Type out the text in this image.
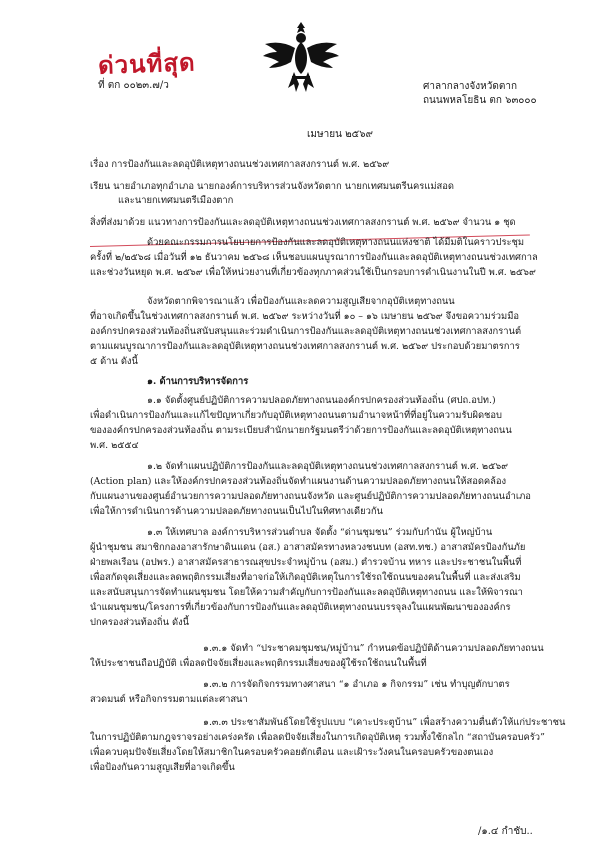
ด่วนที่สุด
ที่ ตก ๐๐๒๓.๗/ว	ศาลากลางจังหวัดตาก
ถนนพหลโยธิน ตก ๖๓๐๐๐
เมษายน ๒๕๖๙
เรื่อง การป้องกันและลดอุบัติเหตุทางถนนช่วงเทศกาลสงกรานต์ พ.ศ. ๒๕๖๙
เรียน นายอำเภอทุกอำเภอ นายกองค์การบริหารส่วนจังหวัดตาก นายกเทศมนตรีนครแม่สอด
และนายกเทศมนตรีเมืองตาก
สิ่งที่ส่งมาด้วย แนวทางการป้องกันและลดอุบัติเหตุทางถนนช่วงเทศกาลสงกรานต์ พ.ศ. ๒๕๖๙ จำนวน ๑ ชุด
ด้วยคณะกรรมการนโยบายการป้องกันและลดอุบัติเหตุทางถนนแห่งชาติ ได้มีมติในคราวประชุม
ครั้งที่ ๒/๒๕๖๘ เมื่อวันที่ ๑๒ ธันวาคม ๒๕๖๘ เห็นชอบแผนบูรณาการป้องกันและลดอุบัติเหตุทางถนนช่วงเทศกาล
และช่วงวันหยุด พ.ศ. ๒๕๖๙ เพื่อให้หน่วยงานที่เกี่ยวข้องทุกภาคส่วนใช้เป็นกรอบการดำเนินงานในปี พ.ศ. ๒๕๖๙
จังหวัดตากพิจารณาแล้ว เพื่อป้องกันและลดความสูญเสียจากอุบัติเหตุทางถนน
ที่อาจเกิดขึ้นในช่วงเทศกาลสงกรานต์ พ.ศ. ๒๕๖๙ ระหว่างวันที่ ๑๐ – ๑๖ เมษายน ๒๕๖๙ จึงขอความร่วมมือ
องค์กรปกครองส่วนท้องถิ่นสนับสนุนและร่วมดำเนินการป้องกันและลดอุบัติเหตุทางถนนช่วงเทศกาลสงกรานต์
ตามแผนบูรณาการป้องกันและลดอุบัติเหตุทางถนนช่วงเทศกาลสงกรานต์ พ.ศ. ๒๕๖๙ ประกอบด้วยมาตรการ
๕ ด้าน ดังนี้
๑. ด้านการบริหารจัดการ
๑.๑ จัดตั้งศูนย์ปฏิบัติการความปลอดภัยทางถนนองค์กรปกครองส่วนท้องถิ่น (ศปถ.อปท.)
เพื่อดำเนินการป้องกันและแก้ไขปัญหาเกี่ยวกับอุบัติเหตุทางถนนตามอำนาจหน้าที่ที่อยู่ในความรับผิดชอบ
ขององค์กรปกครองส่วนท้องถิ่น ตามระเบียบสำนักนายกรัฐมนตรีว่าด้วยการป้องกันและลดอุบัติเหตุทางถนน
พ.ศ. ๒๕๕๔
๑.๒ จัดทำแผนปฏิบัติการป้องกันและลดอุบัติเหตุทางถนนช่วงเทศกาลสงกรานต์ พ.ศ. ๒๕๖๙
(Action plan) และให้องค์กรปกครองส่วนท้องถิ่นจัดทำแผนงานด้านความปลอดภัยทางถนนให้สอดคล้อง
กับแผนงานของศูนย์อำนวยการความปลอดภัยทางถนนจังหวัด และศูนย์ปฏิบัติการความปลอดภัยทางถนนอำเภอ
เพื่อให้การดำเนินการด้านความปลอดภัยทางถนนเป็นไปในทิศทางเดียวกัน
๑.๓ ให้เทศบาล องค์การบริหารส่วนตำบล จัดตั้ง “ด่านชุมชน” ร่วมกับกำนัน ผู้ใหญ่บ้าน
ผู้นำชุมชน สมาชิกกองอาสารักษาดินแดน (อส.) อาสาสมัครทางหลวงชนบท (อสท.ทช.) อาสาสมัครป้องกันภัย
ฝ่ายพลเรือน (อปพร.) อาสาสมัครสาธารณสุขประจำหมู่บ้าน (อสม.) ตำรวจบ้าน ทหาร และประชาชนในพื้นที่
เพื่อสกัดจุดเสี่ยงและลดพฤติกรรมเสี่ยงที่อาจก่อให้เกิดอุบัติเหตุในการใช้รถใช้ถนนของคนในพื้นที่ และส่งเสริม
และสนับสนุนการจัดทำแผนชุมชน โดยให้ความสำคัญกับการป้องกันและลดอุบัติเหตุทางถนน และให้พิจารณา
นำแผนชุมชน/โครงการที่เกี่ยวข้องกับการป้องกันและลดอุบัติเหตุทางถนนบรรจุลงในแผนพัฒนาขององค์กร
ปกครองส่วนท้องถิ่น ดังนี้
๑.๓.๑ จัดทำ “ประชาคมชุมชน/หมู่บ้าน” กำหนดข้อปฏิบัติด้านความปลอดภัยทางถนน
ให้ประชาชนถือปฏิบัติ เพื่อลดปัจจัยเสี่ยงและพฤติกรรมเสี่ยงของผู้ใช้รถใช้ถนนในพื้นที่
๑.๓.๒ การจัดกิจกรรมทางศาสนา “๑ อำเภอ ๑ กิจกรรม” เช่น ทำบุญตักบาตร
สวดมนต์ หรือกิจกรรมตามแต่ละศาสนา
๑.๓.๓ ประชาสัมพันธ์โดยใช้รูปแบบ “เคาะประตูบ้าน” เพื่อสร้างความตื่นตัวให้แก่ประชาชน
ในการปฏิบัติตามกฎจราจรอย่างเคร่งครัด เพื่อลดปัจจัยเสี่ยงในการเกิดอุบัติเหตุ รวมทั้งใช้กลไก “สถาบันครอบครัว”
เพื่อควบคุมปัจจัยเสี่ยงโดยให้สมาชิกในครอบครัวคอยตักเตือน และเฝ้าระวังคนในครอบครัวของตนเอง
เพื่อป้องกันความสูญเสียที่อาจเกิดขึ้น
/๑.๔ กำชับ..
